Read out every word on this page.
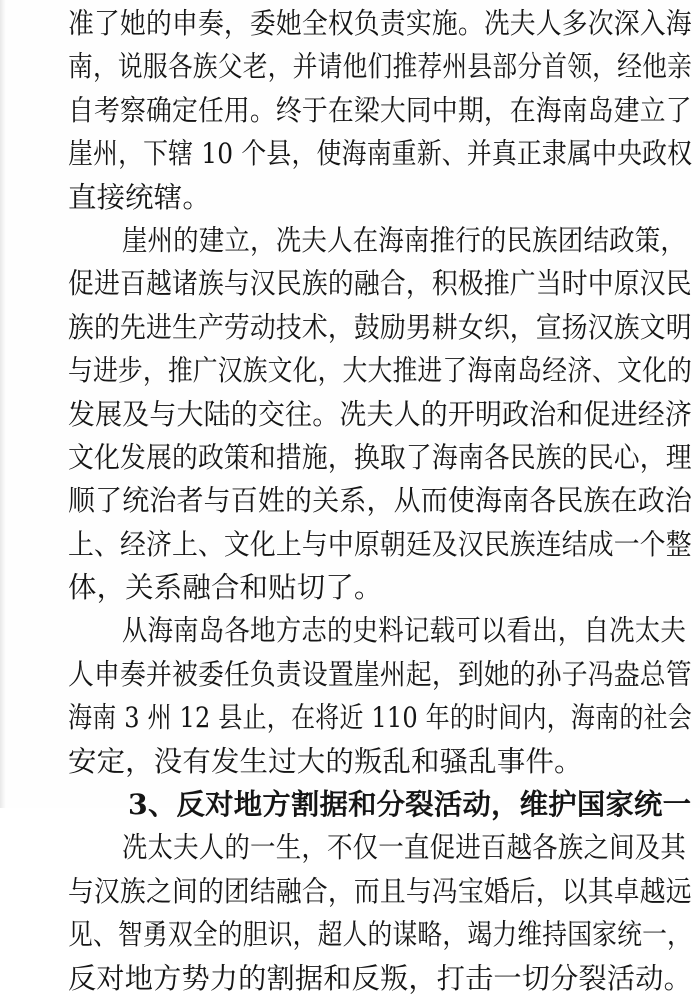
准了她的申奏，委她全权负责实施。冼夫人多次深入海
南，说服各族父老，并请他们推荐州县部分首领，经他亲
自考察确定任用。终于在梁大同中期，在海南岛建立了
崖州，下辖 10 个县，使海南重新、并真正隶属中央政权
直接统辖。
崖州的建立，冼夫人在海南推行的民族团结政策，
促进百越诸族与汉民族的融合，积极推广当时中原汉民
族的先进生产劳动技术，鼓励男耕女织，宣扬汉族文明
与进步，推广汉族文化，大大推进了海南岛经济、文化的
发展及与大陆的交往。冼夫人的开明政治和促进经济
文化发展的政策和措施，换取了海南各民族的民心，理
顺了统治者与百姓的关系，从而使海南各民族在政治
上、经济上、文化上与中原朝廷及汉民族连结成一个整
体，关系融合和贴切了。
从海南岛各地方志的史料记载可以看出，自冼太夫
人申奏并被委任负责设置崖州起，到她的孙子冯盎总管
海南 3 州 12 县止，在将近 110 年的时间内，海南的社会
安定，没有发生过大的叛乱和骚乱事件。
3、反对地方割据和分裂活动，维护国家统一
冼太夫人的一生，不仅一直促进百越各族之间及其
与汉族之间的团结融合，而且与冯宝婚后，以其卓越远
见、智勇双全的胆识，超人的谋略，竭力维持国家统一，
反对地方势力的割据和反叛，打击一切分裂活动。
